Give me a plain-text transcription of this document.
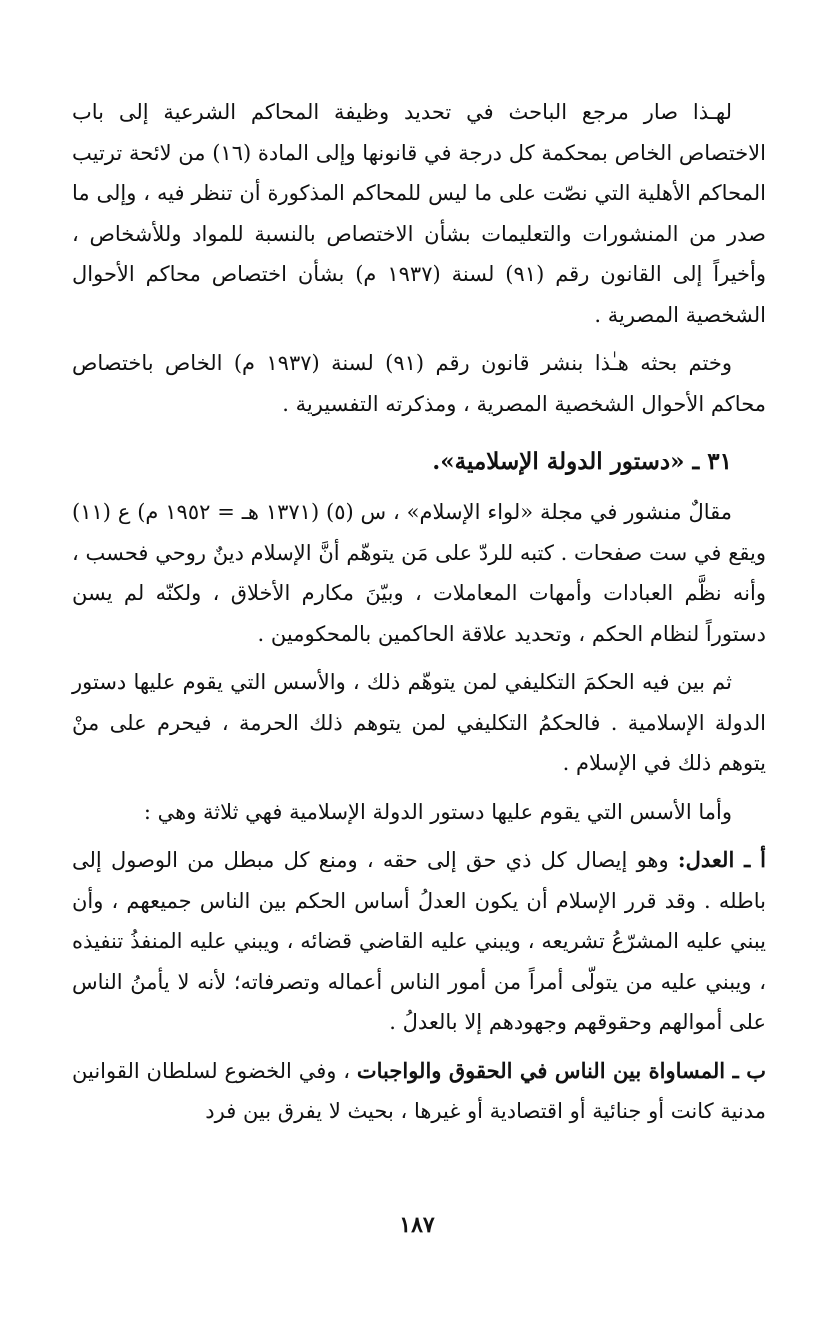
لهـذا صار مرجع الباحث في تحديد وظيفة المحاكم الشرعية إلى باب الاختصاص الخاص بمحكمة كل درجة في قانونها وإلى المادة (١٦) من لائحة ترتيب المحاكم الأهلية التي نصّت على ما ليس للمحاكم المذكورة أن تنظر فيه ، وإلى ما صدر من المنشورات والتعليمات بشأن الاختصاص بالنسبة للمواد وللأشخاص ، وأخيراً إلى القانون رقم (٩١) لسنة (١٩٣٧ م) بشأن اختصاص محاكم الأحوال الشخصية المصرية .

وختم بحثه هـٰذا بنشر قانون رقم (٩١) لسنة (١٩٣٧ م) الخاص باختصاص محاكم الأحوال الشخصية المصرية ، ومذكرته التفسيرية .

٣١ ـ «دستور الدولة الإسلامية».

مقالٌ منشور في مجلة «لواء الإسلام» ، س (٥) (١٣٧١ هـ = ١٩٥٢ م) ع (١١) ويقع في ست صفحات . كتبه للردّ على مَن يتوهّم أنَّ الإسلام دينٌ روحي فحسب ، وأنه نظَّم العبادات وأمهات المعاملات ، وبيّنَ مكارم الأخلاق ، ولكنّه لم يسن دستوراً لنظام الحكم ، وتحديد علاقة الحاكمين بالمحكومين .

ثم بين فيه الحكمَ التكليفي لمن يتوهّم ذلك ، والأسس التي يقوم عليها دستور الدولة الإسلامية . فالحكمُ التكليفي لمن يتوهم ذلك الحرمة ، فيحرم على منْ يتوهم ذلك في الإسلام .

وأما الأسس التي يقوم عليها دستور الدولة الإسلامية فهي ثلاثة وهي :

أ ـ العدل: وهو إيصال كل ذي حق إلى حقه ، ومنع كل مبطل من الوصول إلى باطله . وقد قرر الإسلام أن يكون العدلُ أساس الحكم بين الناس جميعهم ، وأن يبني عليه المشرّعُ تشريعه ، ويبني عليه القاضي قضائه ، ويبني عليه المنفذُ تنفيذه ، ويبني عليه من يتولّى أمراً من أمور الناس أعماله وتصرفاته؛ لأنه لا يأمنُ الناس على أموالهم وحقوقهم وجهودهم إلا بالعدلُ .

ب ـ المساواة بين الناس في الحقوق والواجبات ، وفي الخضوع لسلطان القوانين مدنية كانت أو جنائية أو اقتصادية أو غيرها ، بحيث لا يفرق بين فرد

١٨٧
